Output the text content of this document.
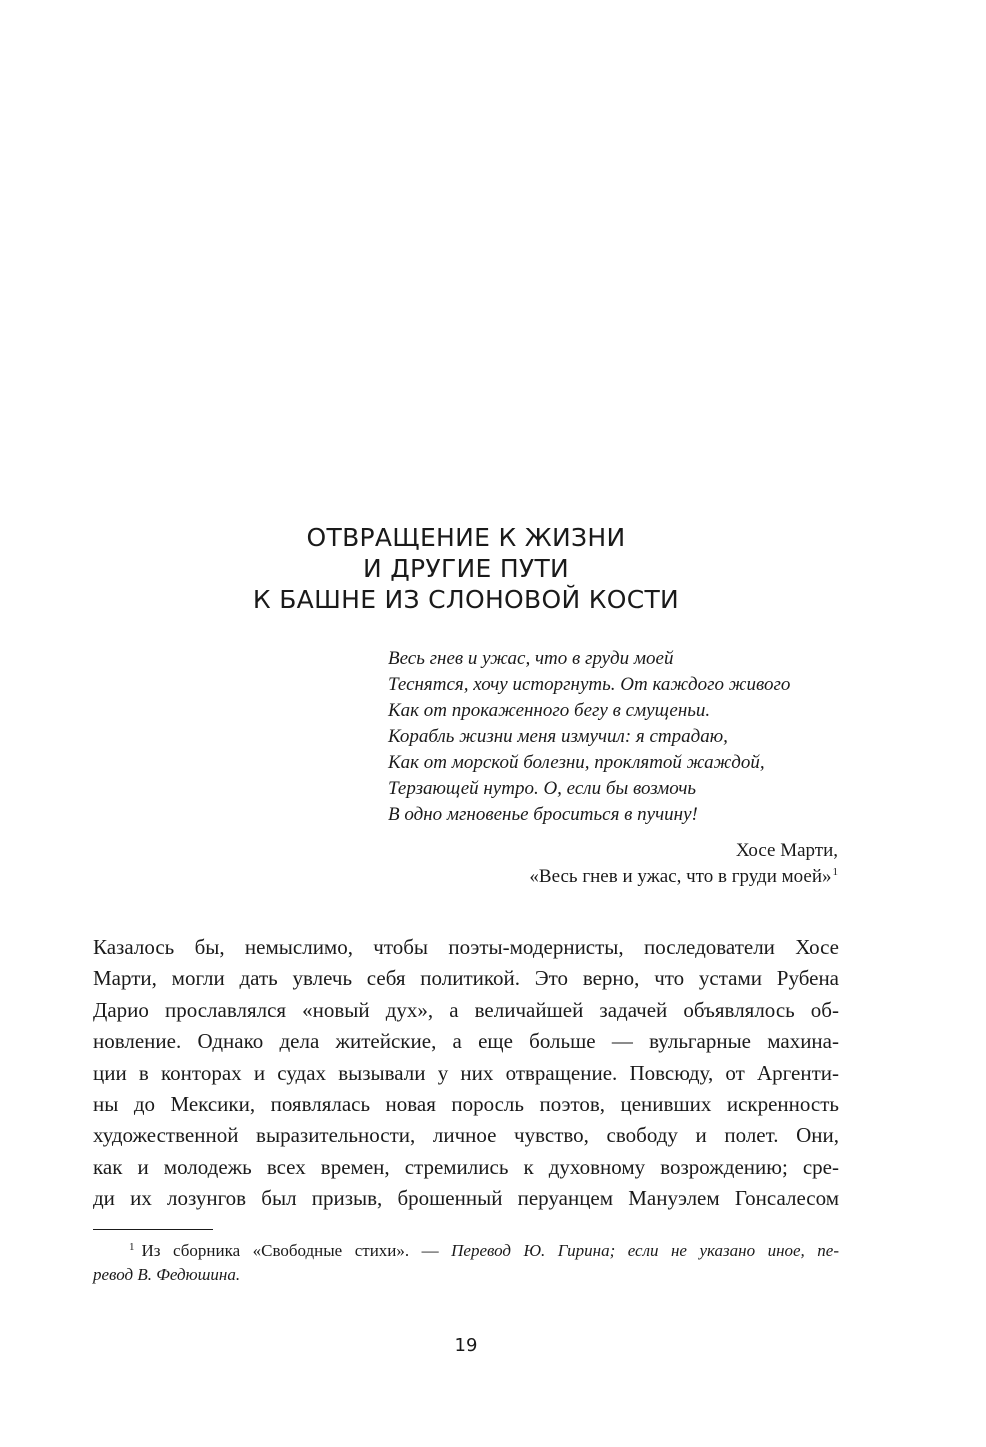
ОТВРАЩЕНИЕ К ЖИЗНИ
И ДРУГИЕ ПУТИ
К БАШНЕ ИЗ СЛОНОВОЙ КОСТИ
Весь гнев и ужас, что в груди моей
Теснятся, хочу исторгнуть. От каждого живого
Как от прокаженного бегу в смущеньи.
Корабль жизни меня измучил: я страдаю,
Как от морской болезни, проклятой жаждой,
Терзающей нутро. О, если бы возмочь
В одно мгновенье броситься в пучину!
Хосе Марти,
«Весь гнев и ужас, что в груди моей»$^1$
Казалось бы, немыслимо, чтобы поэты-модернисты, последователи Хосе
Марти, могли дать увлечь себя политикой. Это верно, что устами Рубена
Дарио прославлялся «новый дух», а величайшей задачей объявлялось об-
новление. Однако дела житейские, а еще больше — вульгарные махина-
ции в конторах и судах вызывали у них отвращение. Повсюду, от Аргенти-
ны до Мексики, появлялась новая поросль поэтов, ценивших искренность
художественной выразительности, личное чувство, свободу и полет. Они,
как и молодежь всех времен, стремились к духовному возрождению; сре-
ди их лозунгов был призыв, брошенный перуанцем Мануэлем Гонсалесом
$^1$ Из сборника «Свободные стихи». — Перевод Ю. Гирина; если не указано иное, пе-
ревод В. Федюшина.
19
